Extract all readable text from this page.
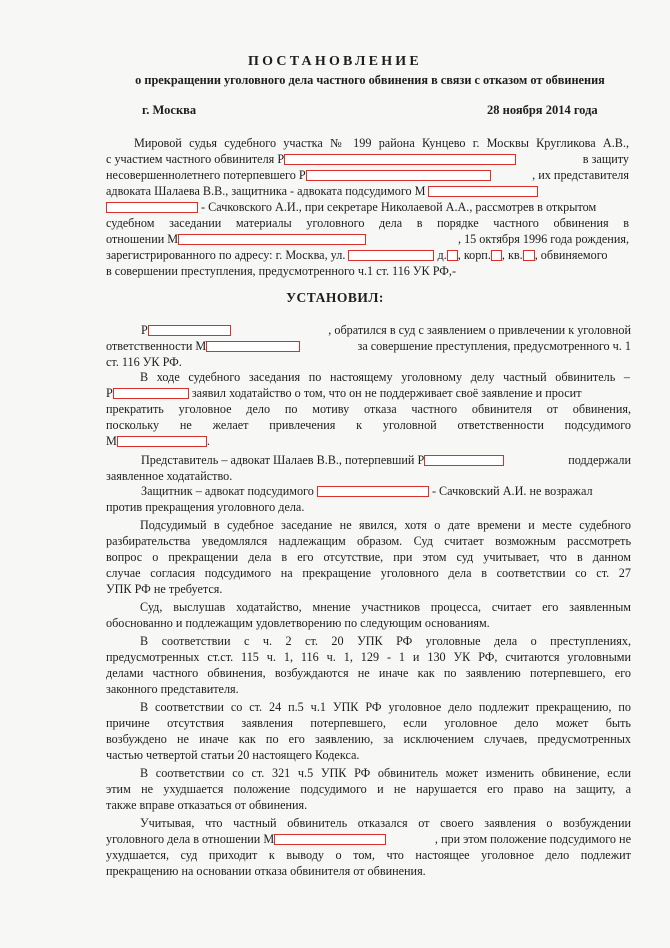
ПОСТАНОВЛЕНИЕ
о прекращении уголовного дела частного обвинения в связи с отказом от обвинения
г. Москва	28 ноября 2014 года
Мировой судья судебного участка № 199 района Кунцево г. Москвы Кругликова А.В.,
с участием частного обвинителя Р	в защиту
несовершеннолетнего потерпевшего Р	, их представителя
адвоката Шалаева В.В., защитника - адвоката подсудимого М
- Сачковского А.И., при секретаре Николаевой А.А., рассмотрев в открытом
судебном заседании материалы уголовного дела в порядке частного обвинения в
отношении М	, 15 октября 1996 года рождения,
зарегистрированного по адресу: г. Москва, ул.	д. , корп. , кв. , обвиняемого
в совершении преступления, предусмотренного ч.1 ст. 116 УК РФ,-
УСТАНОВИЛ:
Р	, обратился в суд с заявлением о привлечении к уголовной
ответственности М	за совершение преступления, предусмотренного ч. 1
ст. 116 УК РФ.
В ходе судебного заседания по настоящему уголовному делу частный обвинитель –
Р	заявил ходатайство о том, что он не поддерживает своё заявление и просит
прекратить уголовное дело по мотиву отказа частного обвинителя от обвинения,
поскольку не желает привлечения к уголовной ответственности подсудимого
М	.
Представитель – адвокат Шалаев В.В., потерпевший Р	поддержали
заявленное ходатайство.
Защитник – адвокат подсудимого	- Сачковский А.И. не возражал
против прекращения уголовного дела.
Подсудимый в судебное заседание не явился, хотя о дате времени и месте судебного
разбирательства уведомлялся надлежащим образом. Суд считает возможным рассмотреть
вопрос о прекращении дела в его отсутствие, при этом суд учитывает, что в данном
случае согласия подсудимого на прекращение уголовного дела в соответствии со ст. 27
УПК РФ не требуется.
Суд, выслушав ходатайство, мнение участников процесса, считает его заявленным
обоснованно и подлежащим удовлетворению по следующим основаниям.
В соответствии с ч. 2 ст. 20 УПК РФ уголовные дела о преступлениях,
предусмотренных ст.ст. 115 ч. 1, 116 ч. 1, 129 - 1 и 130 УК РФ, считаются уголовными
делами частного обвинения, возбуждаются не иначе как по заявлению потерпевшего, его
законного представителя.
В соответствии со ст. 24 п.5 ч.1 УПК РФ уголовное дело подлежит прекращению, по
причине отсутствия заявления потерпевшего, если уголовное дело может быть
возбуждено не иначе как по его заявлению, за исключением случаев, предусмотренных
частью четвертой статьи 20 настоящего Кодекса.
В соответствии со ст. 321 ч.5 УПК РФ обвинитель может изменить обвинение, если
этим не ухудшается положение подсудимого и не нарушается его право на защиту, а
также вправе отказаться от обвинения.
Учитывая, что частный обвинитель отказался от своего заявления о возбуждении
уголовного дела в отношении М	, при этом положение подсудимого не
ухудшается, суд приходит к выводу о том, что настоящее уголовное дело подлежит
прекращению на основании отказа обвинителя от обвинения.
